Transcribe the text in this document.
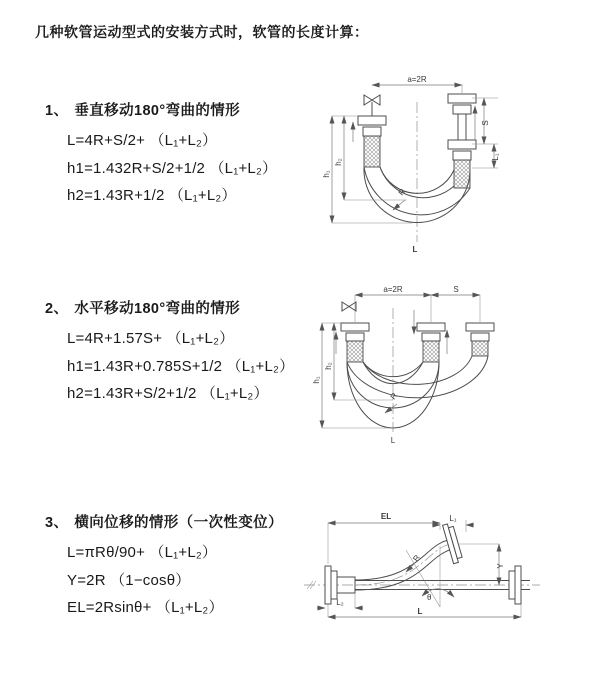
几种软管运动型式的安装方式时，软管的长度计算：
1、 垂直移动180°弯曲的情形
L=4R+S/2+ （L₁+L₂）
h1=1.432R+S/2+1/2 （L₁+L₂）
h2=1.43R+1/2 （L₁+L₂）
2、 水平移动180°弯曲的情形
L=4R+1.57S+ （L₁+L₂）
h1=1.43R+0.785S+1/2 （L₁+L₂）
h2=1.43R+S/2+1/2 （L₁+L₂）
3、 横向位移的情形（一次性变位）
L=πRθ/90+ （L₁+L₂）
Y=2R （1−cosθ）
EL=2Rsinθ+ （L₁+L₂）
a=2R
h₁
h₂
S
L₁
R
L
a=2R	S
h₁
h₂
R
L
EL	L₁
Y
θ
R
L₂
L
